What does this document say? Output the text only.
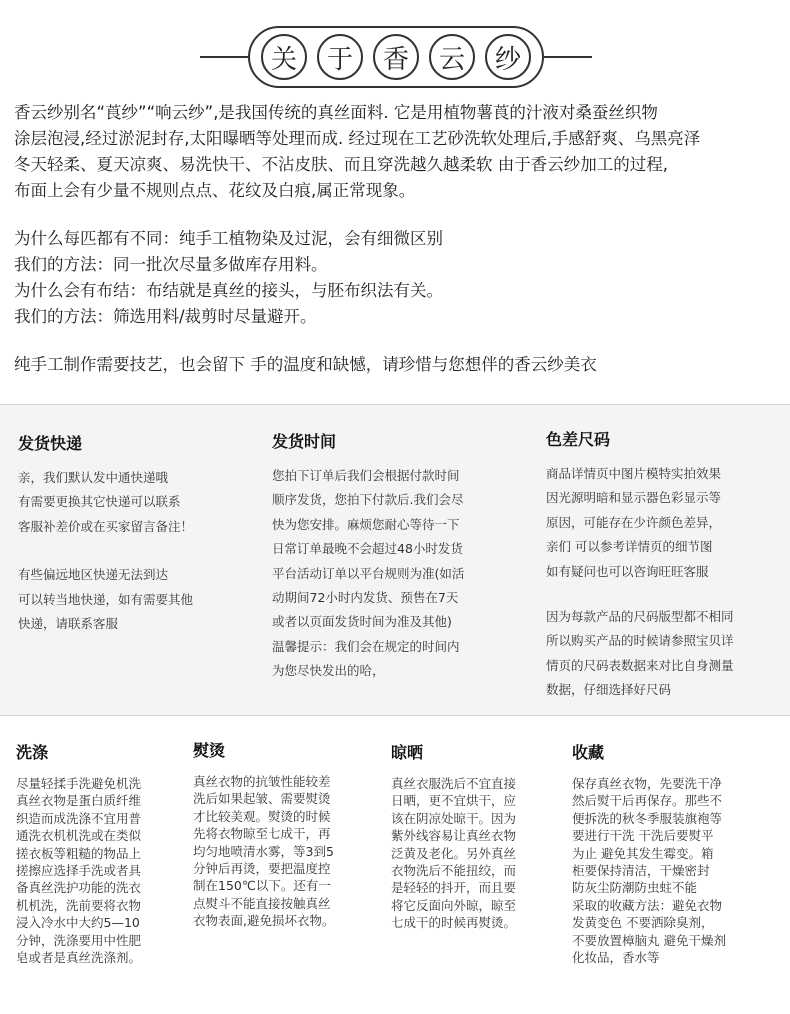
关	于	香	云	纱

香云纱别名“莨纱”“响云纱”,是我国传统的真丝面料. 它是用植物薯莨的汁液对桑蚕丝织物

涂层泡浸,经过淤泥封存,太阳曝晒等处理而成. 经过现在工艺砂洗软处理后,手感舒爽、乌黑亮泽

冬天轻柔、夏天凉爽、易洗快干、不沾皮肤、而且穿洗越久越柔软 由于香云纱加工的过程,

布面上会有少量不规则点点、花纹及白痕,属正常现象。

为什么每匹都有不同：纯手工植物染及过泥，会有细微区别

我们的方法：同一批次尽量多做库存用料。

为什么会有布结：布结就是真丝的接头，与胚布织法有关。

我们的方法：筛选用料/裁剪时尽量避开。

纯手工制作需要技艺，也会留下 手的温度和缺憾，请珍惜与您想伴的香云纱美衣

发货快递

亲，我们默认发中通快递哦

有需要更换其它快递可以联系

客服补差价或在买家留言备注！

有些偏远地区快递无法到达

可以转当地快递，如有需要其他

快递，请联系客服

发货时间

您拍下订单后我们会根据付款时间

顺序发货，您拍下付款后.我们会尽

快为您安排。麻烦您耐心等待一下

日常订单最晚不会超过48小时发货

平台活动订单以平台规则为准(如活

动期间72小时内发货、预售在7天

或者以页面发货时间为准及其他)

温馨提示：我们会在规定的时间内

为您尽快发出的哈，

色差尺码

商品详情页中图片模特实拍效果

因光源明暗和显示器色彩显示等

原因，可能存在少许颜色差异，

亲们 可以参考详情页的细节图

如有疑问也可以咨询旺旺客服

因为每款产品的尺码版型都不相同

所以购买产品的时候请参照宝贝详

情页的尺码表数据来对比自身测量

数据，仔细选择好尺码

洗涤

尽量轻揉手洗避免机洗

真丝衣物是蛋白质纤维

织造而成洗涤不宜用普

通洗衣机机洗或在类似

搓衣板等粗糙的物品上

搓擦应选择手洗或者具

备真丝洗护功能的洗衣

机机洗，洗前要将衣物

浸入冷水中大约5—10

分钟，洗涤要用中性肥

皂或者是真丝洗涤剂。

熨烫

真丝衣物的抗皱性能较差

洗后如果起皱、需要熨烫

才比较美观。熨烫的时候

先将衣物晾至七成干，再

均匀地喷清水雾，等3到5

分钟后再烫，要把温度控

制在150℃以下。还有一

点熨斗不能直接按触真丝

衣物表面,避免损坏衣物。

晾晒

真丝衣服洗后不宜直接

日晒，更不宜烘干，应

该在阴凉处晾干。因为

紫外线容易让真丝衣物

泛黄及老化。另外真丝

衣物洗后不能扭绞，而

是轻轻的抖开，而且要

将它反面向外晾，晾至

七成干的时候再熨烫。

收藏

保存真丝衣物，先要洗干净

然后熨干后再保存。那些不

便拆洗的秋冬季服装旗袍等

要进行干洗 干洗后要熨平

为止 避免其发生霉变。箱

柜要保持清洁，干燥密封

防灰尘防潮防虫蛀不能

采取的收藏方法：避免衣物

发黄变色 不要洒除臭剂，

不要放置樟脑丸 避免干燥剂

化妆品，香水等
